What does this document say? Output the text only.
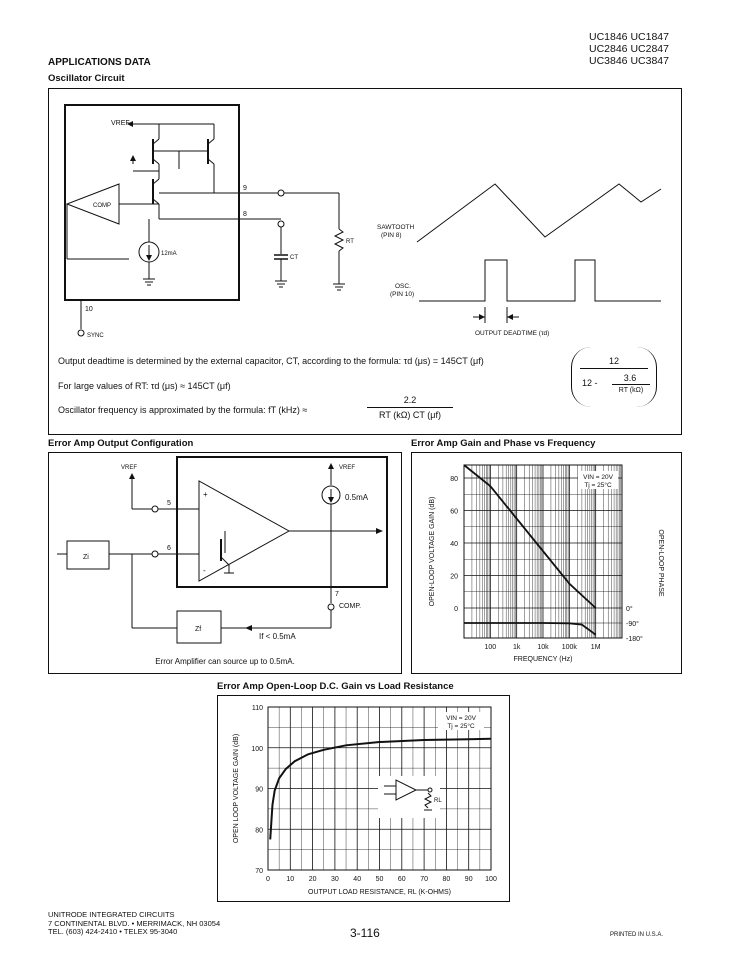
UC1846 UC1847
UC2846 UC2847
UC3846 UC3847
APPLICATIONS DATA
Oscillator Circuit
COMP
9
RT
8
CT
12mA
10
SYNC
SAWTOOTH
(PIN 8)
OSC.
(PIN 10)
OUTPUT DEADTIME (τd)
VREF
Output deadtime is determined by the external capacitor, CT, according to the formula: τd (μs) = 145CT (μf)
For large values of RT: τd (μs) ≈ 145CT (μf)
Oscillator frequency is approximated by the formula: fT (kHz) ≈
12
12 -	3.6
RT (kΩ)
2.2
RT (kΩ) CT (μf)
Error Amp Output Configuration
5
+
-
Zi
6
7
Zf
VREF	VREF
0.5mA
COMP.
If < 0.5mA
Error Amplifier can source up to 0.5mA.
Error Amp Gain and Phase vs Frequency
80
60
40
20
0	0°
-90°
-180°
100 1k 10k 100k 1M
FREQUENCY (Hz)
OPEN-LOOP VOLTAGE GAIN (dB)	OPEN-LOOP PHASE
VIN = 20V
Tj = 25°C
Error Amp Open-Loop D.C. Gain vs Load Resistance
110
100
90
80
70
0 10 20 30 40 50 60 70 80 90 100
OUTPUT LOAD RESISTANCE, RL (K-OHMS)
OPEN LOOP VOLTAGE GAIN (dB)
VIN = 20V
Tj = 25°C
RL
UNITRODE INTEGRATED CIRCUITS
7 CONTINENTAL BLVD. • MERRIMACK, NH 03054
TEL. (603) 424-2410 • TELEX 95-3040	3-116	PRINTED IN U.S.A.
